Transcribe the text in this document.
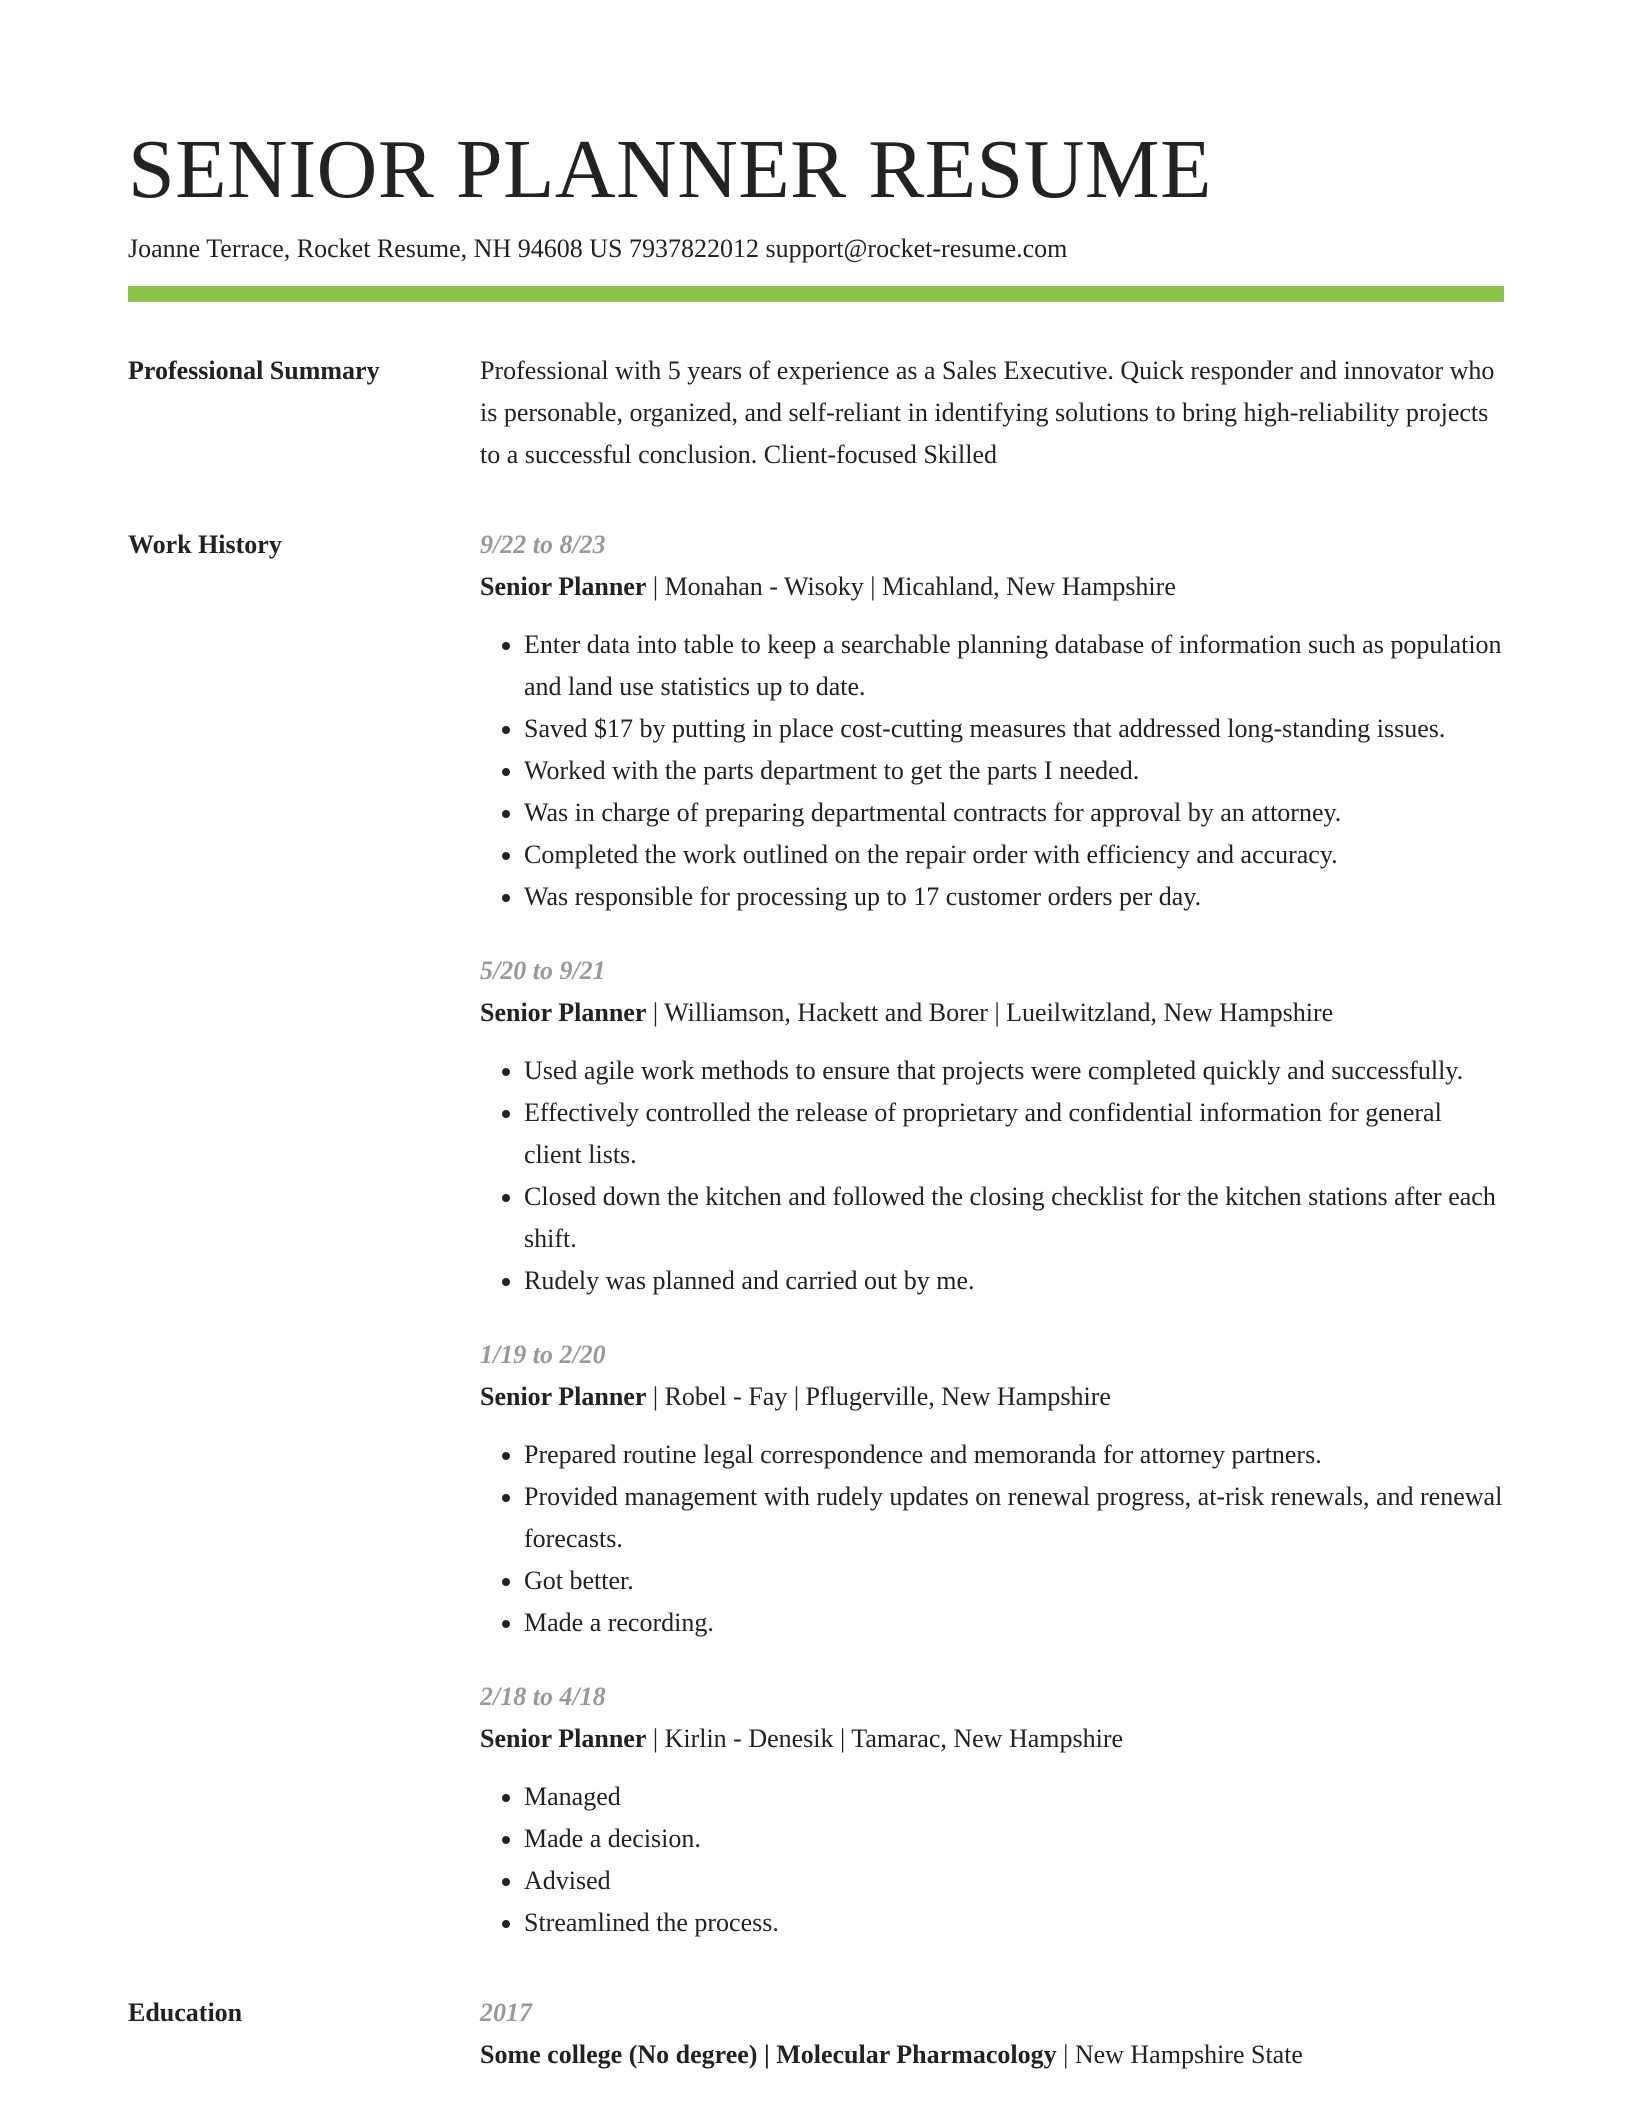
SENIOR PLANNER RESUME
Joanne Terrace, Rocket Resume, NH 94608 US 7937822012 support@rocket-resume.com
Professional Summary	Professional with 5 years of experience as a Sales Executive. Quick responder and innovator who is personable, organized, and self-reliant in identifying solutions to bring high-reliability projects to a successful conclusion. Client-focused Skilled

Work History	9/22 to 8/23
Senior Planner | Monahan - Wisoky | Micahland, New Hampshire
• Enter data into table to keep a searchable planning database of information such as population and land use statistics up to date.
• Saved $17 by putting in place cost-cutting measures that addressed long-standing issues.
• Worked with the parts department to get the parts I needed.
• Was in charge of preparing departmental contracts for approval by an attorney.
• Completed the work outlined on the repair order with efficiency and accuracy.
• Was responsible for processing up to 17 customer orders per day.
5/20 to 9/21
Senior Planner | Williamson, Hackett and Borer | Lueilwitzland, New Hampshire
• Used agile work methods to ensure that projects were completed quickly and successfully.
• Effectively controlled the release of proprietary and confidential information for general client lists.
• Closed down the kitchen and followed the closing checklist for the kitchen stations after each shift.
• Rudely was planned and carried out by me.
1/19 to 2/20
Senior Planner | Robel - Fay | Pflugerville, New Hampshire
• Prepared routine legal correspondence and memoranda for attorney partners.
• Provided management with rudely updates on renewal progress, at-risk renewals, and renewal forecasts.
• Got better.
• Made a recording.
2/18 to 4/18
Senior Planner | Kirlin - Denesik | Tamarac, New Hampshire
• Managed
• Made a decision.
• Advised
• Streamlined the process.
Education	2017
Some college (No degree) | Molecular Pharmacology | New Hampshire State
